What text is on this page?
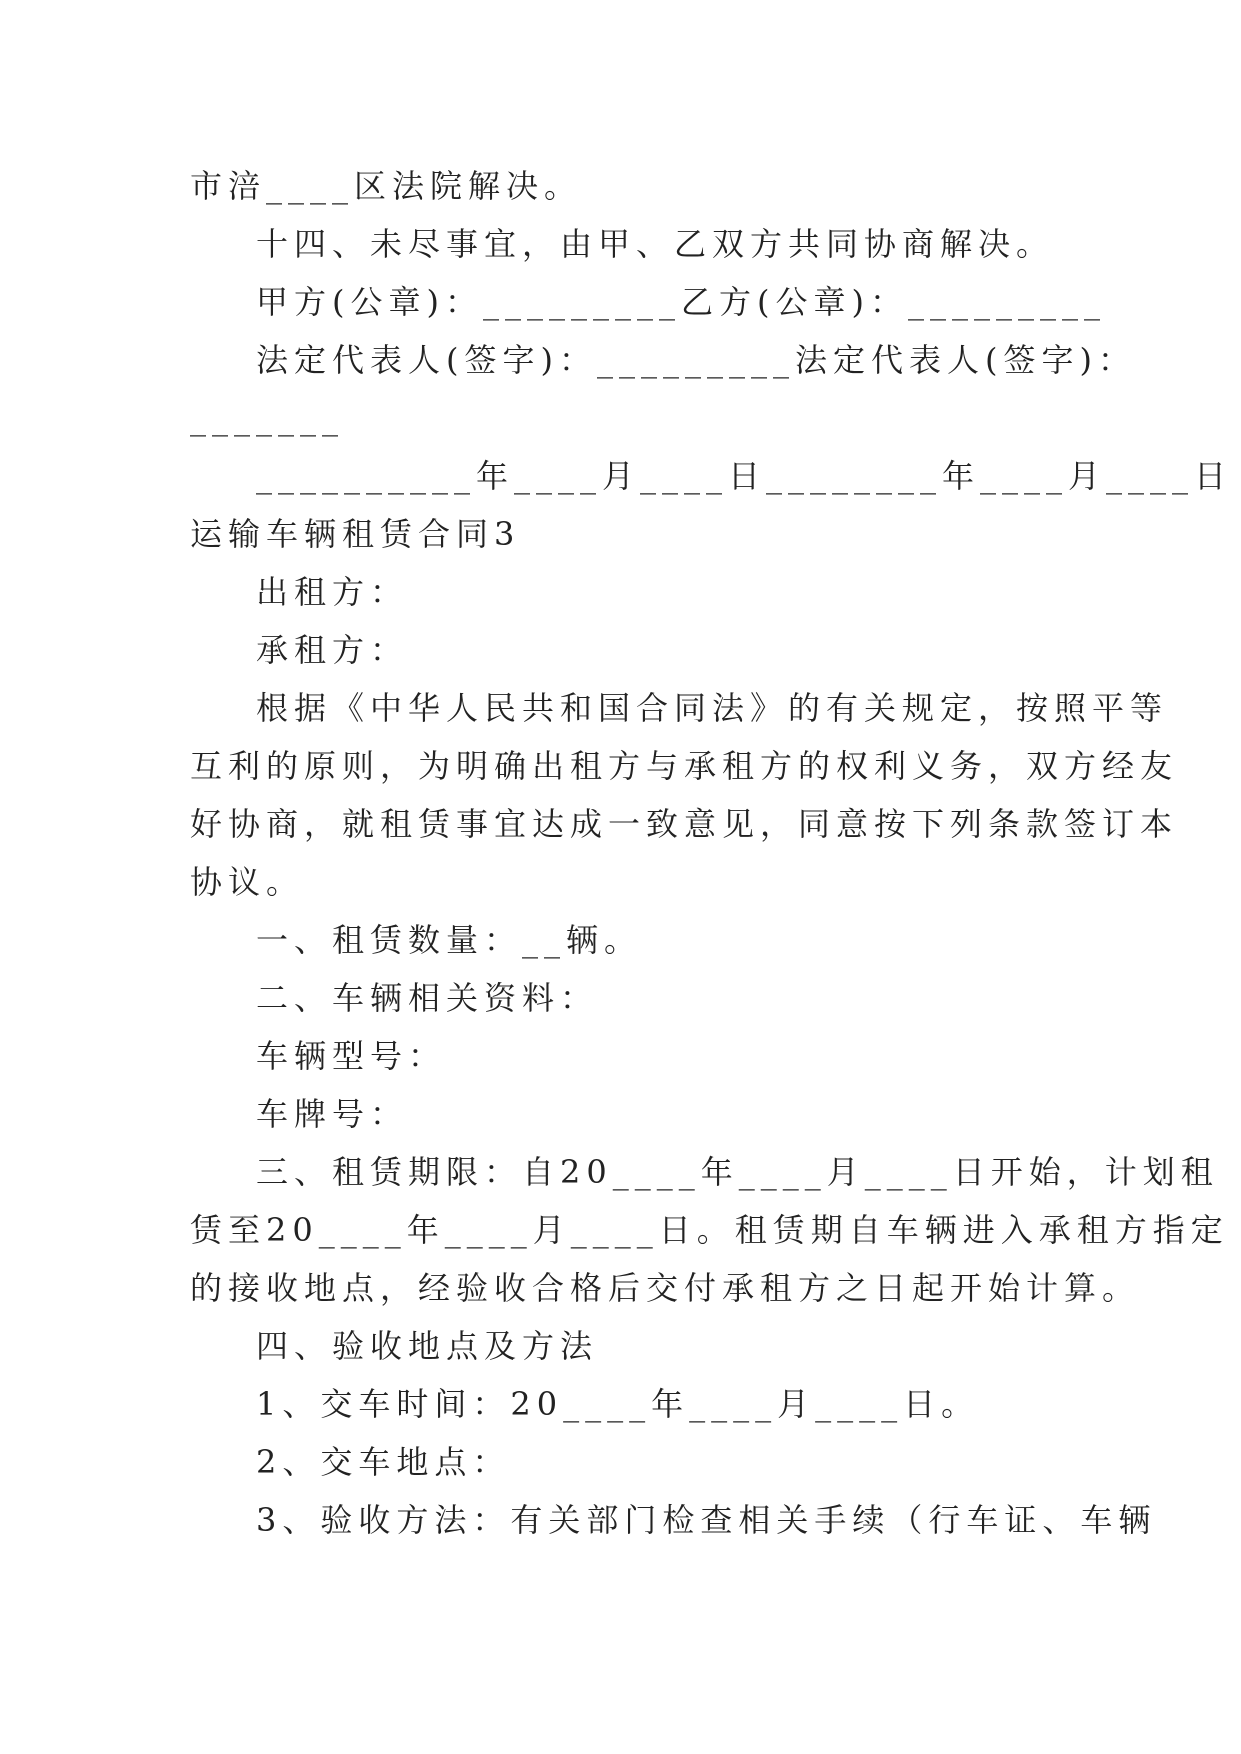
市涪____区法院解决。
十四、未尽事宜，由甲、乙双方共同协商解决。
甲方(公章)：_________乙方(公章)：_________
法定代表人(签字)：_________法定代表人(签字)：
_______
__________年____月____日________年____月____日
运输车辆租赁合同3
出租方：
承租方：
根据《中华人民共和国合同法》的有关规定，按照平等
互利的原则，为明确出租方与承租方的权利义务，双方经友
好协商，就租赁事宜达成一致意见，同意按下列条款签订本
协议。
一、租赁数量：__辆。
二、车辆相关资料：
车辆型号：
车牌号：
三、租赁期限：自20____年____月____日开始，计划租
赁至20____年____月____日。租赁期自车辆进入承租方指定
的接收地点，经验收合格后交付承租方之日起开始计算。
四、验收地点及方法
1、交车时间：20____年____月____日。
2、交车地点：
3、验收方法：有关部门检查相关手续（行车证、车辆
